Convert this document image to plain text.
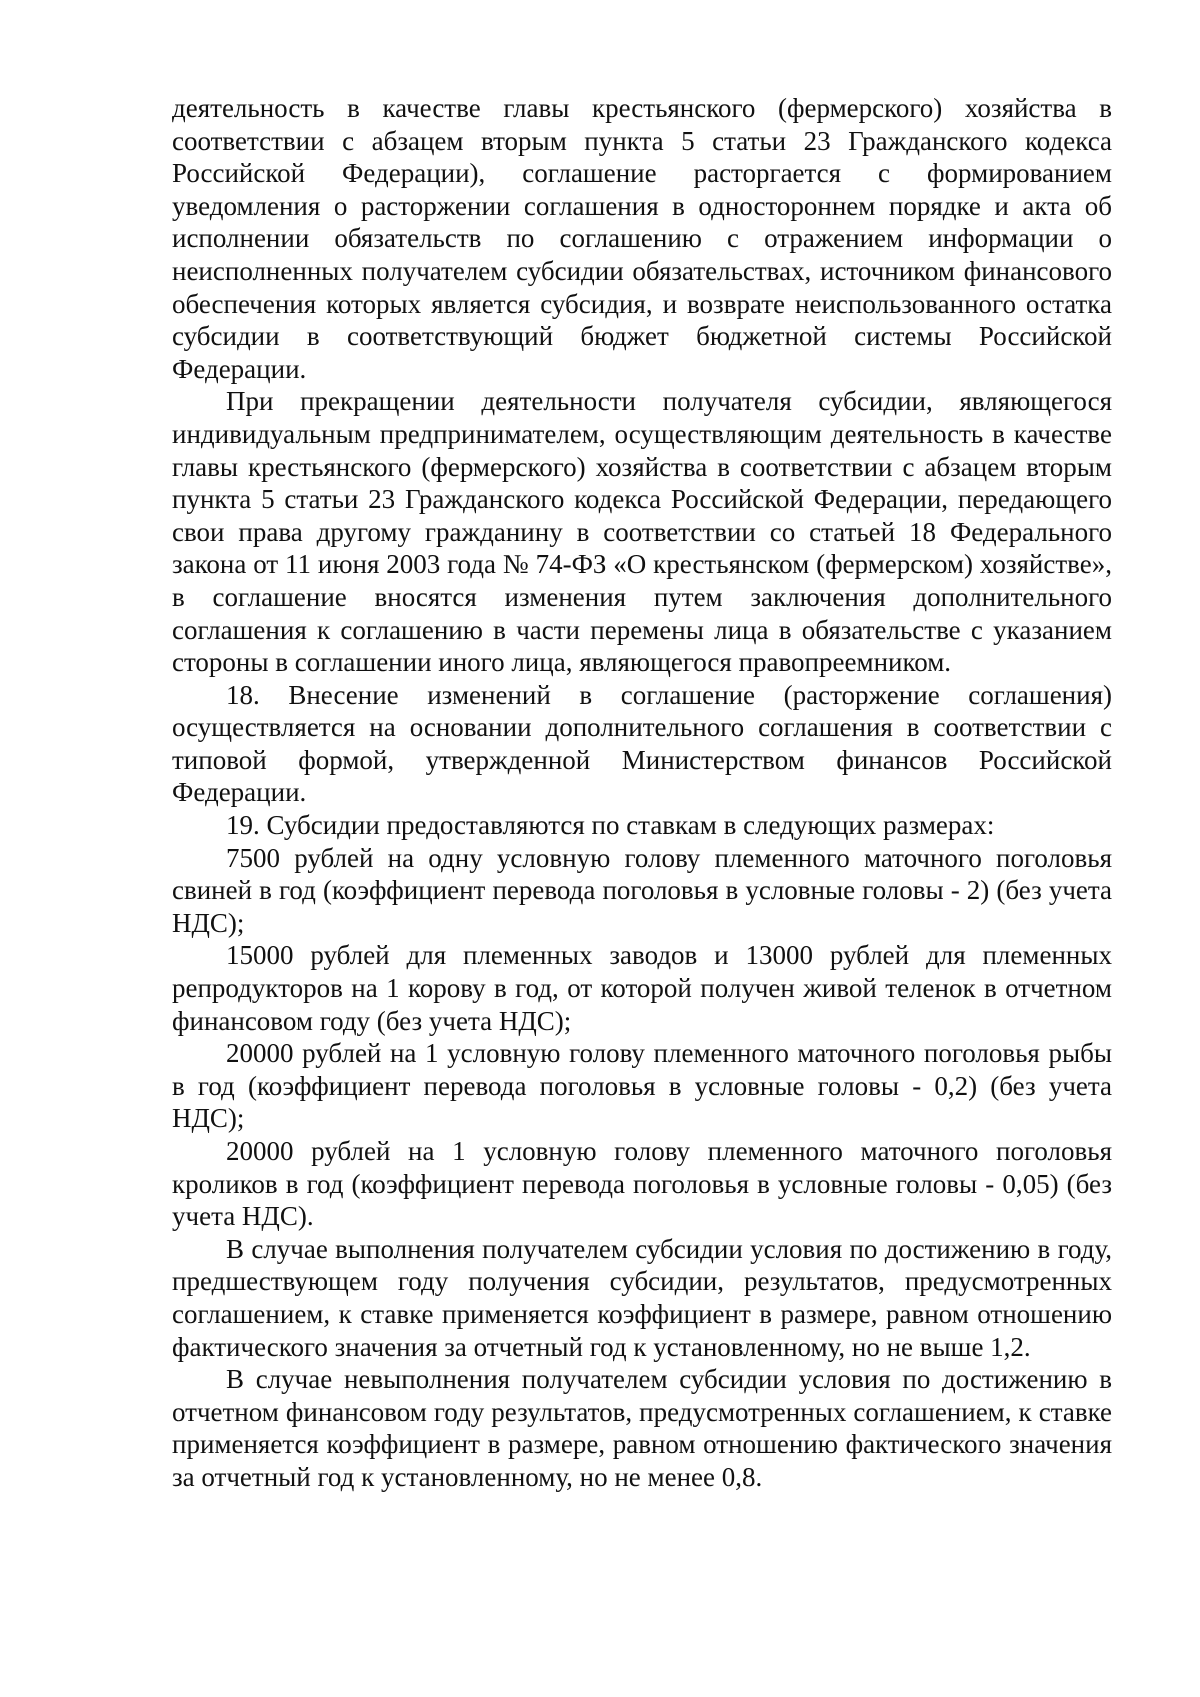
деятельность в качестве главы крестьянского (фермерского) хозяйства в соответствии с абзацем вторым пункта 5 статьи 23 Гражданского кодекса Российской Федерации), соглашение расторгается с формированием уведомления о расторжении соглашения в одностороннем порядке и акта об исполнении обязательств по соглашению с отражением информации о неисполненных получателем субсидии обязательствах, источником финансового обеспечения которых является субсидия, и возврате неиспользованного остатка субсидии в соответствующий бюджет бюджетной системы Российской Федерации.

При прекращении деятельности получателя субсидии, являющегося индивидуальным предпринимателем, осуществляющим деятельность в качестве главы крестьянского (фермерского) хозяйства в соответствии с абзацем вторым пункта 5 статьи 23 Гражданского кодекса Российской Федерации, передающего свои права другому гражданину в соответствии со статьей 18 Федерального закона от 11 июня 2003 года № 74-ФЗ «О крестьянском (фермерском) хозяйстве», в соглашение вносятся изменения путем заключения дополнительного соглашения к соглашению в части перемены лица в обязательстве с указанием стороны в соглашении иного лица, являющегося правопреемником.

18. Внесение изменений в соглашение (расторжение соглашения) осуществляется на основании дополнительного соглашения в соответствии с типовой формой, утвержденной Министерством финансов Российской Федерации.

19. Субсидии предоставляются по ставкам в следующих размерах:

7500 рублей на одну условную голову племенного маточного поголовья свиней в год (коэффициент перевода поголовья в условные головы - 2) (без учета НДС);

15000 рублей для племенных заводов и 13000 рублей для племенных репродукторов на 1 корову в год, от которой получен живой теленок в отчетном финансовом году (без учета НДС);

20000 рублей на 1 условную голову племенного маточного поголовья рыбы в год (коэффициент перевода поголовья в условные головы - 0,2) (без учета НДС);

20000 рублей на 1 условную голову племенного маточного поголовья кроликов в год (коэффициент перевода поголовья в условные головы - 0,05) (без учета НДС).

В случае выполнения получателем субсидии условия по достижению в году, предшествующем году получения субсидии, результатов, предусмотренных соглашением, к ставке применяется коэффициент в размере, равном отношению фактического значения за отчетный год к установленному, но не выше 1,2.

В случае невыполнения получателем субсидии условия по достижению в отчетном финансовом году результатов, предусмотренных соглашением, к ставке применяется коэффициент в размере, равном отношению фактического значения за отчетный год к установленному, но не менее 0,8.
